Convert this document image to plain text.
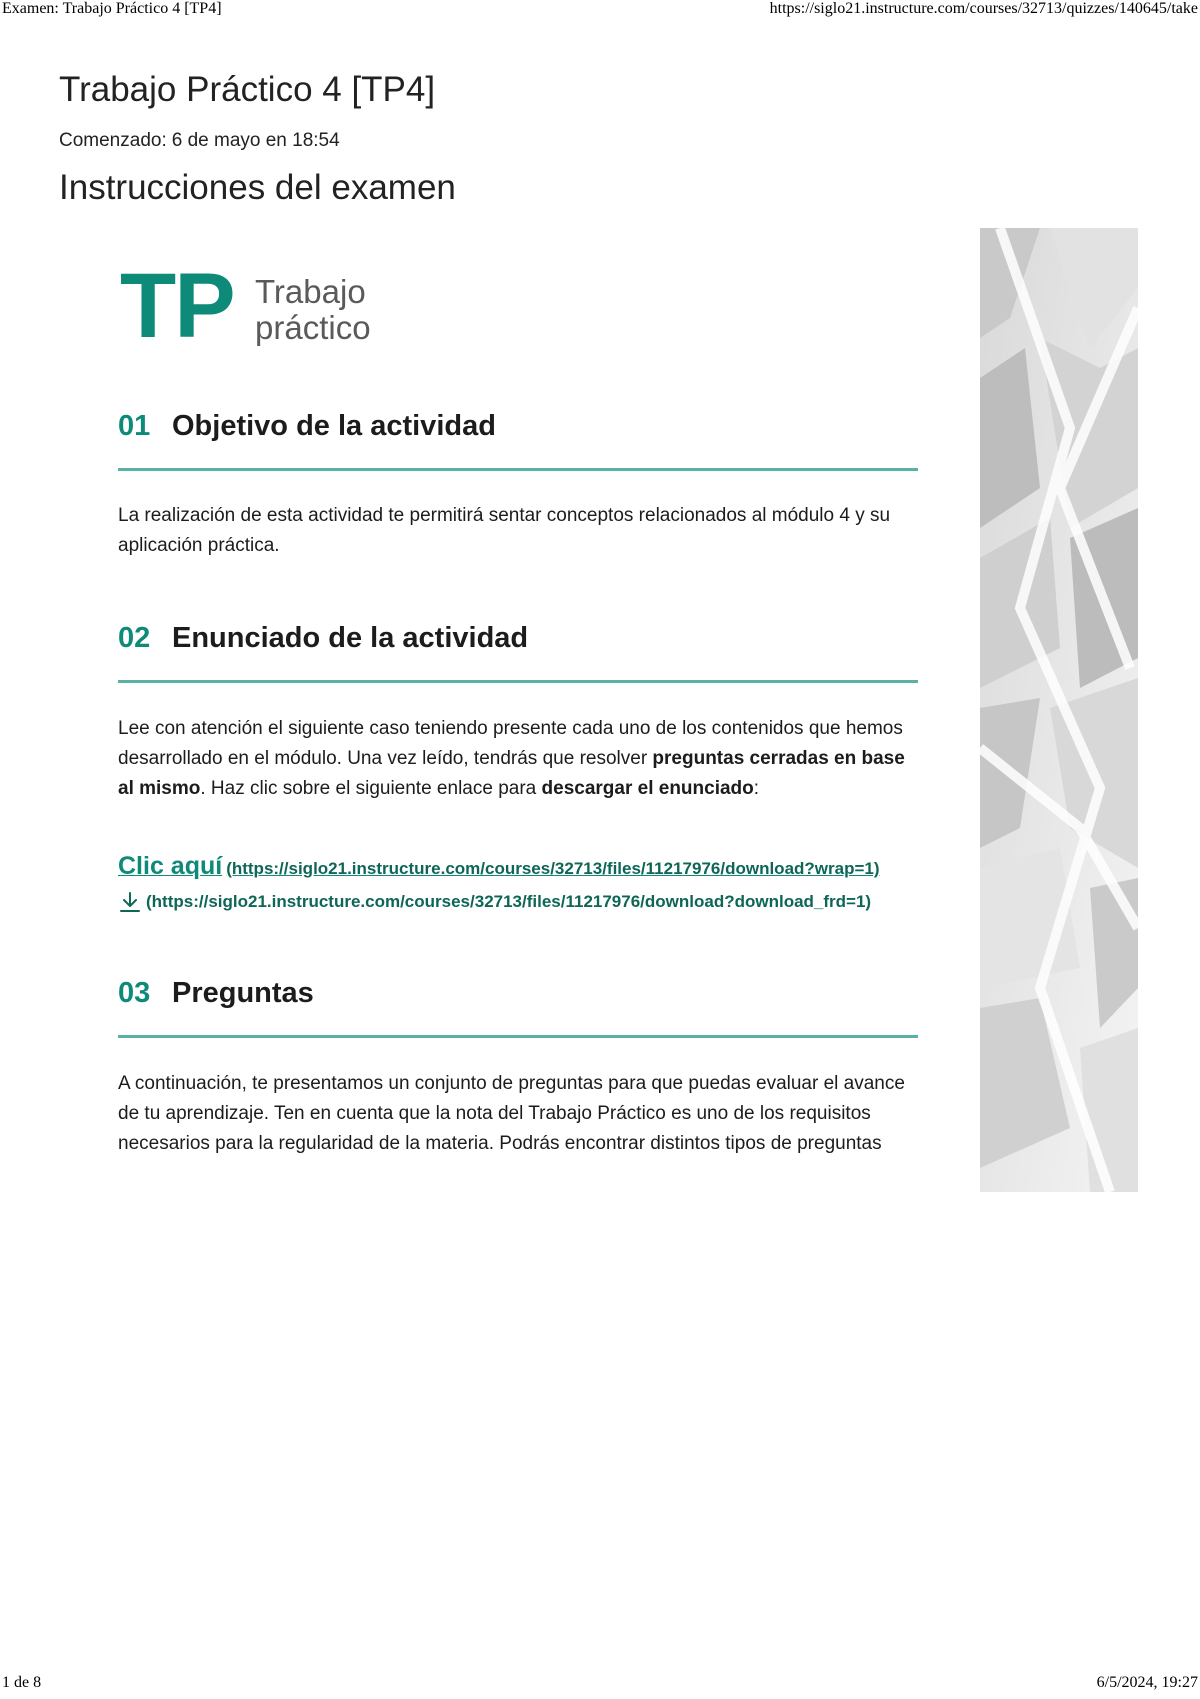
Examen: Trabajo Práctico 4 [TP4]	https://siglo21.instructure.com/courses/32713/quizzes/140645/take
Trabajo Práctico 4 [TP4]
Comenzado: 6 de mayo en 18:54
Instrucciones del examen
TP Trabajo
práctico
01 Objetivo de la actividad

La realización de esta actividad te permitirá sentar conceptos relacionados al módulo 4 y su aplicación práctica.

02 Enunciado de la actividad

Lee con atención el siguiente caso teniendo presente cada uno de los contenidos que hemos desarrollado en el módulo. Una vez leído, tendrás que resolver preguntas cerradas en base al mismo. Haz clic sobre el siguiente enlace para descargar el enunciado:

Clic aquí (https://siglo21.instructure.com/courses/32713/files/11217976/download?wrap=1)
(https://siglo21.instructure.com/courses/32713/files/11217976/download?download_frd=1)
03 Preguntas

A continuación, te presentamos un conjunto de preguntas para que puedas evaluar el avance de tu aprendizaje. Ten en cuenta que la nota del Trabajo Práctico es uno de los requisitos necesarios para la regularidad de la materia. Podrás encontrar distintos tipos de preguntas

1 de 8	6/5/2024, 19:27
